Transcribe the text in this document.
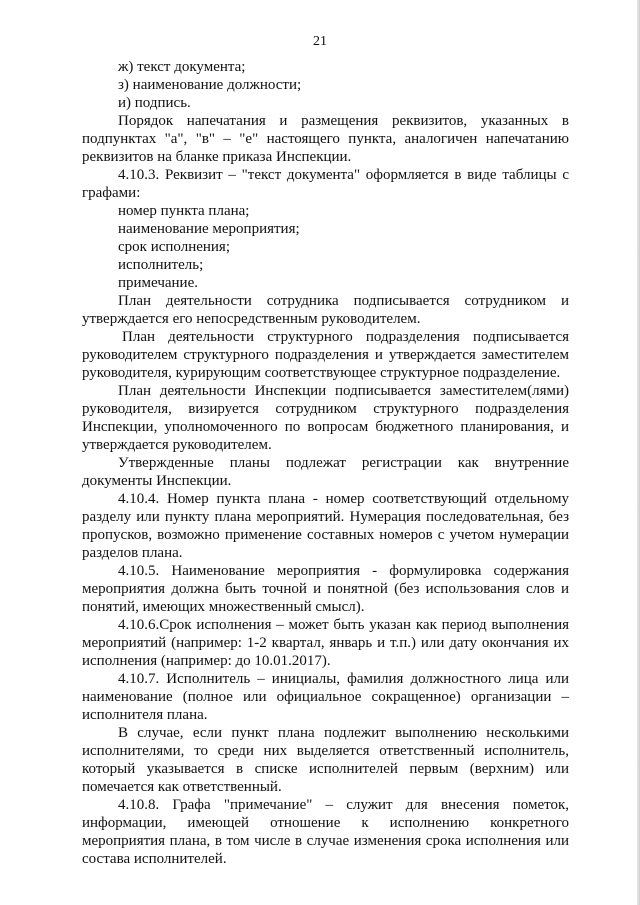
21

ж) текст документа;

з) наименование должности;

и) подпись.

Порядок напечатания и размещения реквизитов, указанных в подпунктах "а", "в" – "е" настоящего пункта, аналогичен напечатанию реквизитов на бланке приказа Инспекции.

4.10.3. Реквизит – "текст документа" оформляется в виде таблицы с графами:

номер пункта плана;

наименование мероприятия;

срок исполнения;

исполнитель;

примечание.

План деятельности сотрудника подписывается сотрудником и утверждается его непосредственным руководителем.

План деятельности структурного подразделения подписывается руководителем структурного подразделения и утверждается заместителем руководителя, курирующим соответствующее структурное подразделение.

План деятельности Инспекции подписывается заместителем(лями) руководителя, визируется сотрудником структурного подразделения Инспекции, уполномоченного по вопросам бюджетного планирования, и утверждается руководителем.

Утвержденные планы подлежат регистрации как внутренние документы Инспекции.

4.10.4. Номер пункта плана - номер соответствующий отдельному разделу или пункту плана мероприятий. Нумерация последовательная, без пропусков, возможно применение составных номеров с учетом нумерации разделов плана.

4.10.5. Наименование мероприятия - формулировка содержания мероприятия должна быть точной и понятной (без использования слов и понятий, имеющих множественный смысл).

4.10.6.Срок исполнения – может быть указан как период выполнения мероприятий (например: 1-2 квартал, январь и т.п.) или дату окончания их исполнения (например: до 10.01.2017).

4.10.7. Исполнитель – инициалы, фамилия должностного лица или наименование (полное или официальное сокращенное) организации – исполнителя плана.

В случае, если пункт плана подлежит выполнению несколькими исполнителями, то среди них выделяется ответственный исполнитель, который указывается в списке исполнителей первым (верхним) или помечается как ответственный.

4.10.8. Графа "примечание" – служит для внесения пометок, информации, имеющей отношение к исполнению конкретного мероприятия плана, в том числе в случае изменения срока исполнения или состава исполнителей.
